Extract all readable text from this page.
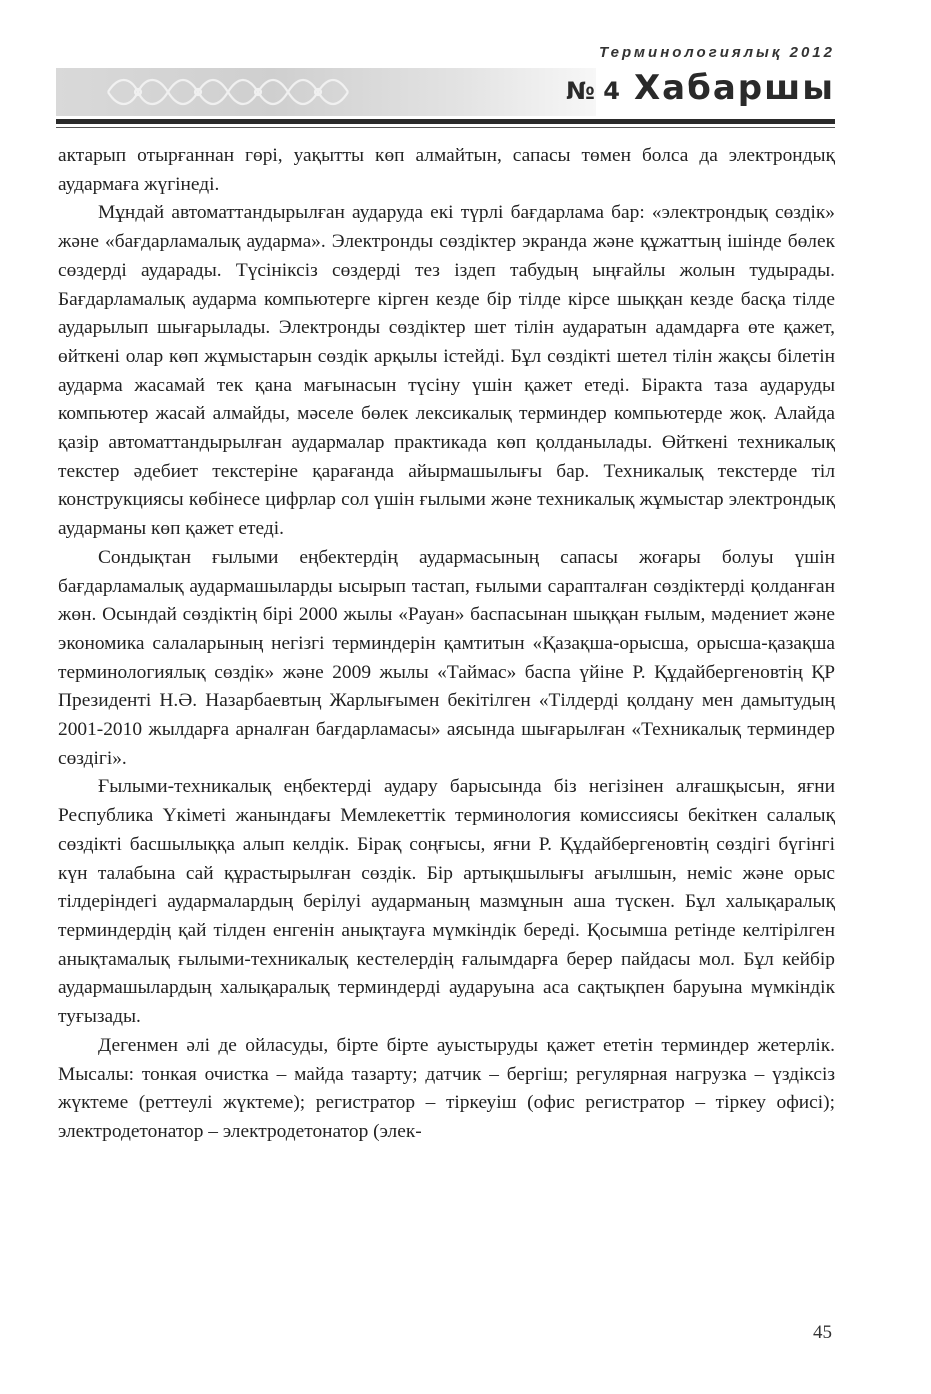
Терминологиялық 2012
№ 4 Хабаршы

актарып отырғаннан гөрі, уақытты көп алмайтын, сапасы төмен болса да электрондық аудармаға жүгінеді.

Мұндай автоматтандырылған аударуда екі түрлі бағдарлама бар: «электрондық сөздік» және «бағдарламалық аударма». Электронды сөздіктер экранда және құжаттың ішінде бөлек сөздерді аударады. Түсініксіз сөздерді тез іздеп табудың ыңғайлы жолын тудырады. Бағдарламалық аударма компьютерге кірген кезде бір тілде кірсе шыққан кезде басқа тілде аударылып шығарылады. Электронды сөздіктер шет тілін аударатын адамдарға өте қажет, өйткені олар көп жұмыстарын сөздік арқылы істейді. Бұл сөздікті шетел тілін жақсы білетін аударма жасамай тек қана мағынасын түсіну үшін қажет етеді. Біракта таза аударуды компьютер жасай алмайды, мәселе бөлек лексикалық терминдер компьютерде жоқ. Алайда қазір автоматтандырылған аудармалар практикада көп қолданылады. Өйткені техникалық текстер әдебиет текстеріне қарағанда айырмашылығы бар. Техникалық текстерде тіл конструкциясы көбінесе цифрлар сол үшін ғылыми және техникалық жұмыстар электрондық аударманы көп қажет етеді.

Сондықтан ғылыми еңбектердің аудармасының сапасы жоғары болуы үшін бағдарламалық аудармашыларды ысырып тастап, ғылыми сарапталған сөздіктерді қолданған жөн. Осындай сөздіктің бірі 2000 жылы «Рауан» баспасынан шыққан ғылым, мәдениет және экономика салаларының негізгі терминдерін қамтитын «Қазақша-орысша, орысша-қазақша терминологиялық сөздік» және 2009 жылы «Таймас» баспа үйіне Р. Құдайбергеновтің ҚР Президенті Н.Ә. Назарбаевтың Жарлығымен бекітілген «Тілдерді қолдану мен дамытудың 2001-2010 жылдарға арналған бағдарламасы» аясында шығарылған «Техникалық терминдер сөздігі».

Ғылыми-техникалық еңбектерді аудару барысында біз негізінен алғашқысын, яғни Республика Үкіметі жанындағы Мемлекеттік терминология комиссиясы бекіткен салалық сөздікті басшылыққа алып келдік. Бірақ соңғысы, яғни Р. Құдайбергеновтің сөздігі бүгінгі күн талабына сай құрастырылған сөздік. Бір артықшылығы ағылшын, неміс және орыс тілдеріндегі аудармалардың берілуі аударманың мазмұнын аша түскен. Бұл халықаралық терминдердің қай тілден енгенін анықтауға мүмкіндік береді. Қосымша ретінде келтірілген анықтамалық ғылыми-техникалық кестелердің ғалымдарға берер пайдасы мол. Бұл кейбір аудармашылардың халықаралық терминдерді аударуына аса сақтықпен баруына мүмкіндік туғызады.

Дегенмен әлі де ойласуды, бірте бірте ауыстыруды қажет ететін терминдер жетерлік. Мысалы: тонкая очистка – майда тазарту; датчик – бергіш; регулярная нагрузка – үздіксіз жүктеме (реттеулі жүктеме); регистратор – тіркеуіш (офис регистратор – тіркеу офисі); электродетонатор – электродетонатор (элек-

45
